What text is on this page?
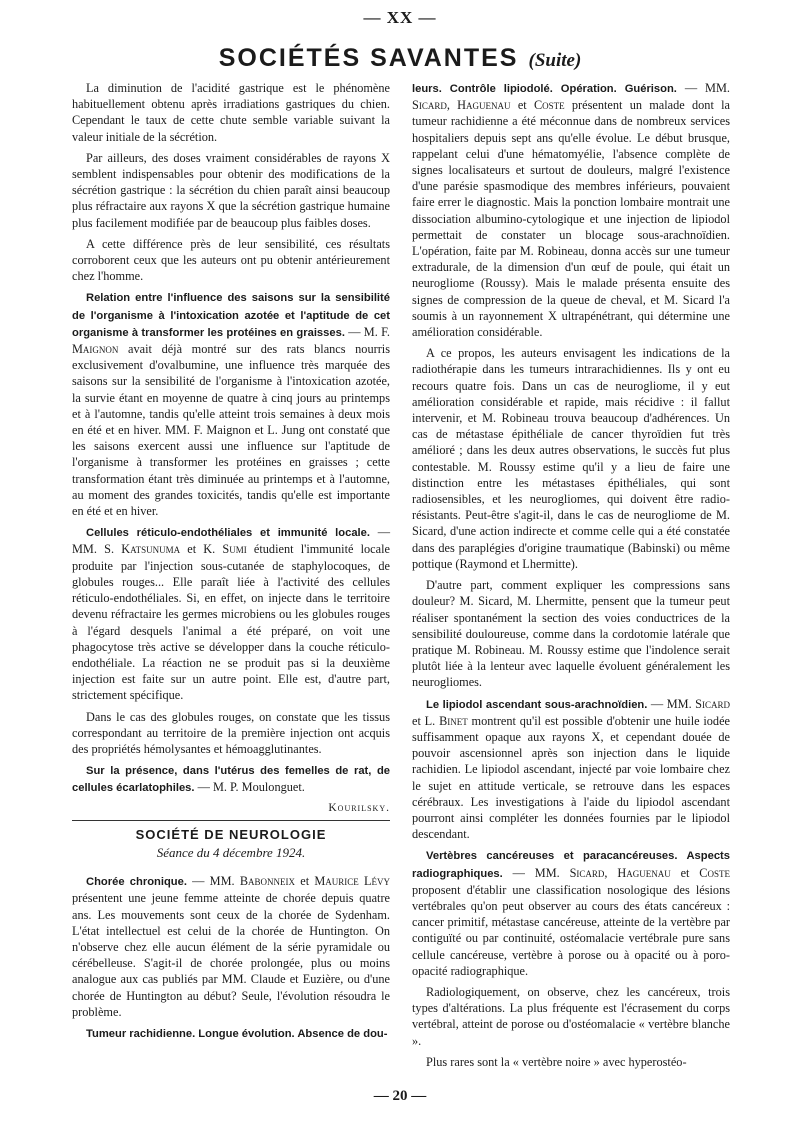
— XX —
SOCIÉTÉS SAVANTES (Suite)

La diminution de l'acidité gastrique est le phénomène habituellement obtenu après irradiations gastriques du chien. Cependant le taux de cette chute semble variable suivant la valeur initiale de la sécrétion.

Par ailleurs, des doses vraiment considérables de rayons X semblent indispensables pour obtenir des modifications de la sécrétion gastrique : la sécrétion du chien paraît ainsi beaucoup plus réfractaire aux rayons X que la sécrétion gastrique humaine plus facilement modifiée par de beaucoup plus faibles doses.

A cette différence près de leur sensibilité, ces résultats corroborent ceux que les auteurs ont pu obtenir antérieurement chez l'homme.

Relation entre l'influence des saisons sur la sensibilité de l'organisme à l'intoxication azotée et l'aptitude de cet organisme à transformer les protéines en graisses. — M. F. Maignon avait déjà montré sur des rats blancs nourris exclusivement d'ovalbumine, une influence très marquée des saisons sur la sensibilité de l'organisme à l'intoxication azotée, la survie étant en moyenne de quatre à cinq jours au printemps et à l'automne, tandis qu'elle atteint trois semaines à deux mois en été et en hiver. MM. F. Maignon et L. Jung ont constaté que les saisons exercent aussi une influence sur l'aptitude de l'organisme à transformer les protéines en graisses ; cette transformation étant très diminuée au printemps et à l'automne, au moment des grandes toxicités, tandis qu'elle est importante en été et en hiver.

Cellules réticulo-endothéliales et immunité locale. — MM. S. Katsunuma et K. Sumi étudient l'immunité locale produite par l'injection sous-cutanée de staphylocoques, de globules rouges... Elle paraît liée à l'activité des cellules réticulo-endothéliales. Si, en effet, on injecte dans le territoire devenu réfractaire les germes microbiens ou les globules rouges à l'égard desquels l'animal a été préparé, on voit une phagocytose très active se développer dans la couche réticulo-endothéliale. La réaction ne se produit pas si la deuxième injection est faite sur un autre point. Elle est, d'autre part, strictement spécifique.

Dans le cas des globules rouges, on constate que les tissus correspondant au territoire de la première injection ont acquis des propriétés hémolysantes et hémoagglutinantes.

Sur la présence, dans l'utérus des femelles de rat, de cellules écarlatophiles. — M. P. Moulonguet.

Kourilsky.
SOCIÉTÉ DE NEUROLOGIE
Séance du 4 décembre 1924.

Chorée chronique. — MM. Babonneix et Maurice Lévy présentent une jeune femme atteinte de chorée depuis quatre ans. Les mouvements sont ceux de la chorée de Sydenham. L'état intellectuel est celui de la chorée de Huntington. On n'observe chez elle aucun élément de la série pyramidale ou cérébelleuse. S'agit-il de chorée prolongée, plus ou moins analogue aux cas publiés par MM. Claude et Euzière, ou d'une chorée de Huntington au début? Seule, l'évolution résoudra le problème.

Tumeur rachidienne. Longue évolution. Absence de dou-

leurs. Contrôle lipiodolé. Opération. Guérison. — MM. Sicard, Haguenau et Coste présentent un malade dont la tumeur rachidienne a été méconnue dans de nombreux services hospitaliers depuis sept ans qu'elle évolue. Le début brusque, rappelant celui d'une hématomyélie, l'absence complète de signes localisateurs et surtout de douleurs, malgré l'existence d'une parésie spasmodique des membres inférieurs, pouvaient faire errer le diagnostic. Mais la ponction lombaire montrait une dissociation albumino-cytologique et une injection de lipiodol permettait de constater un blocage sous-arachnoïdien. L'opération, faite par M. Robineau, donna accès sur une tumeur extradurale, de la dimension d'un œuf de poule, qui était un neurogliome (Roussy). Mais le malade présenta ensuite des signes de compression de la queue de cheval, et M. Sicard l'a soumis à un rayonnement X ultrapénétrant, qui détermine une amélioration considérable.

A ce propos, les auteurs envisagent les indications de la radiothérapie dans les tumeurs intrarachidiennes. Ils y ont eu recours quatre fois. Dans un cas de neurogliome, il y eut amélioration considérable et rapide, mais récidive : il fallut intervenir, et M. Robineau trouva beaucoup d'adhérences. Un cas de métastase épithéliale de cancer thyroïdien fut très amélioré ; dans les deux autres observations, le succès fut plus contestable. M. Roussy estime qu'il y a lieu de faire une distinction entre les métastases épithéliales, qui sont radiosensibles, et les neurogliomes, qui doivent être radio-résistants. Peut-être s'agit-il, dans le cas de neurogliome de M. Sicard, d'une action indirecte et comme celle qui a été constatée dans des paraplégies d'origine traumatique (Babinski) ou même pottique (Raymond et Lhermitte).

D'autre part, comment expliquer les compressions sans douleur? M. Sicard, M. Lhermitte, pensent que la tumeur peut réaliser spontanément la section des voies conductrices de la sensibilité douloureuse, comme dans la cordotomie latérale que pratique M. Robineau. M. Roussy estime que l'indolence serait plutôt liée à la lenteur avec laquelle évoluent généralement les neurogliomes.

Le lipiodol ascendant sous-arachnoïdien. — MM. Sicard et L. Binet montrent qu'il est possible d'obtenir une huile iodée suffisamment opaque aux rayons X, et cependant douée de pouvoir ascensionnel après son injection dans le liquide rachidien. Le lipiodol ascendant, injecté par voie lombaire chez le sujet en attitude verticale, se retrouve dans les espaces cérébraux. Les investigations à l'aide du lipiodol ascendant pourront ainsi compléter les données fournies par le lipiodol descendant.

Vertèbres cancéreuses et paracancéreuses. Aspects radiographiques. — MM. Sicard, Haguenau et Coste proposent d'établir une classification nosologique des lésions vertébrales qu'on peut observer au cours des états cancéreux : cancer primitif, métastase cancéreuse, atteinte de la vertèbre par contiguïté ou par continuité, ostéomalacie vertébrale pure sans cellule cancéreuse, vertèbre à porose ou à opacité ou à poro-opacité radiographique.

Radiologiquement, on observe, chez les cancéreux, trois types d'altérations. La plus fréquente est l'écrasement du corps vertébral, atteint de porose ou d'ostéomalacie « vertèbre blanche ».

Plus rares sont la « vertèbre noire » avec hyperostéo-

— 20 —
